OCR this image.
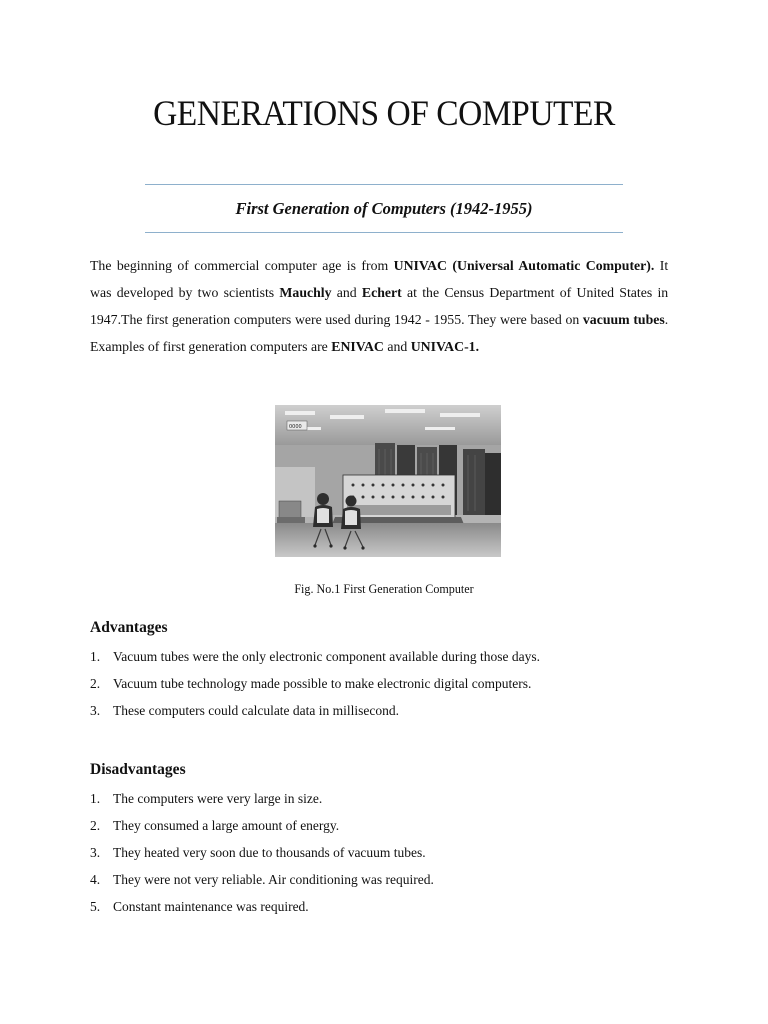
GENERATIONS OF COMPUTER
First Generation of Computers (1942-1955)

The beginning of commercial computer age is from UNIVAC (Universal Automatic Computer). It was developed by two scientists Mauchly and Echert at the Census Department of United States in 1947.The first generation computers were used during 1942 - 1955. They were based on vacuum tubes. Examples of first generation computers are ENIVAC and UNIVAC-1.

0000

Fig. No.1 First Generation Computer

Advantages
1. Vacuum tubes were the only electronic component available during those days.
2. Vacuum tube technology made possible to make electronic digital computers.
3. These computers could calculate data in millisecond.
Disadvantages
1. The computers were very large in size.
2. They consumed a large amount of energy.
3. They heated very soon due to thousands of vacuum tubes.
4. They were not very reliable. Air conditioning was required.
5. Constant maintenance was required.
